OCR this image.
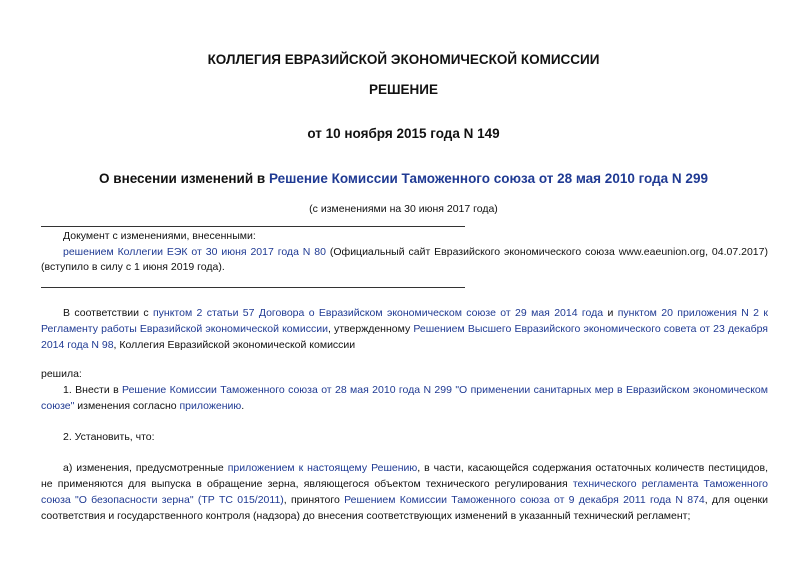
КОЛЛЕГИЯ ЕВРАЗИЙСКОЙ ЭКОНОМИЧЕСКОЙ КОМИССИИ
РЕШЕНИЕ
от 10 ноября 2015 года N 149
О внесении изменений в Решение Комиссии Таможенного союза от 28 мая 2010 года N 299
(с изменениями на 30 июня 2017 года)
Документ с изменениями, внесенными:
решением Коллегии ЕЭК от 30 июня 2017 года N 80 (Официальный сайт Евразийского экономического союза www.eaeunion.org, 04.07.2017) (вступило в силу с 1 июня 2019 года).
В соответствии с пунктом 2 статьи 57 Договора о Евразийском экономическом союзе от 29 мая 2014 года и пунктом 20 приложения N 2 к Регламенту работы Евразийской экономической комиссии, утвержденному Решением Высшего Евразийского экономического совета от 23 декабря 2014 года N 98, Коллегия Евразийской экономической комиссии
решила:
1. Внести в Решение Комиссии Таможенного союза от 28 мая 2010 года N 299 "О применении санитарных мер в Евразийском экономическом союзе" изменения согласно приложению.
2. Установить, что:
а) изменения, предусмотренные приложением к настоящему Решению, в части, касающейся содержания остаточных количеств пестицидов, не применяются для выпуска в обращение зерна, являющегося объектом технического регулирования технического регламента Таможенного союза "О безопасности зерна" (ТР ТС 015/2011), принятого Решением Комиссии Таможенного союза от 9 декабря 2011 года N 874, для оценки соответствия и государственного контроля (надзора) до внесения соответствующих изменений в указанный технический регламент;
